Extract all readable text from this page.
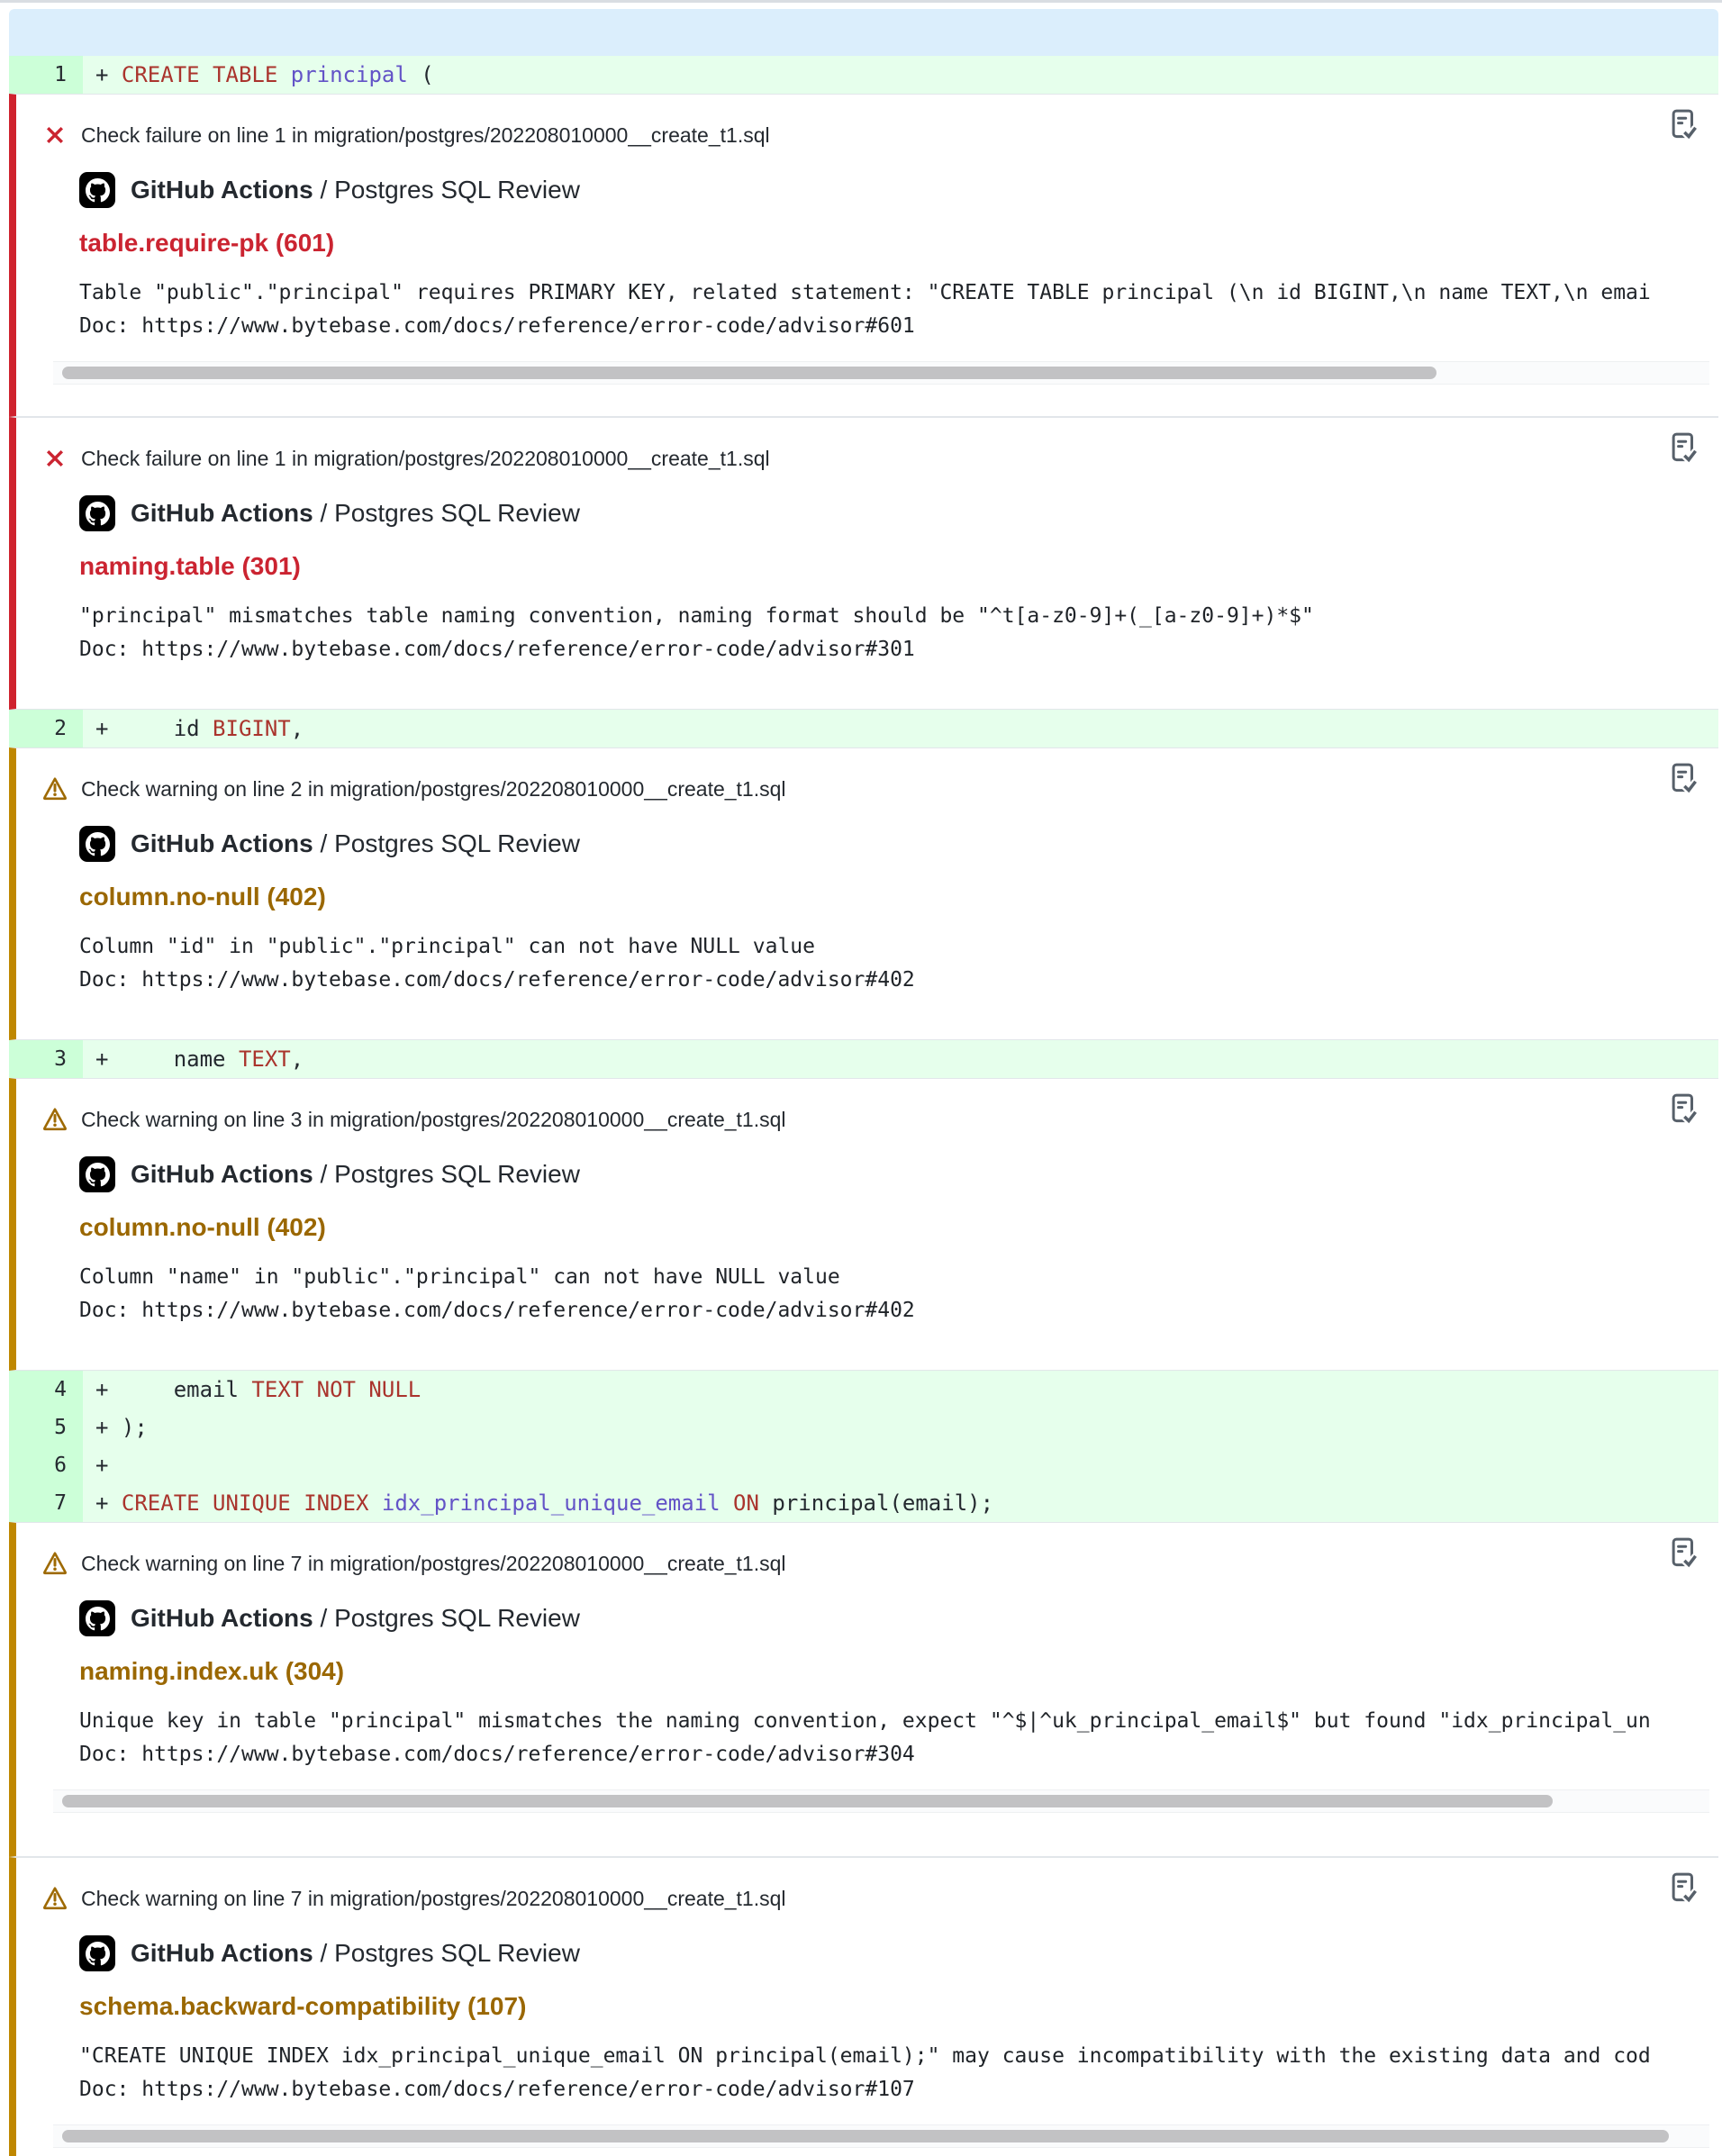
1	+ CREATE TABLE principal (
Check failure on line 1 in migration/postgres/202208010000__create_t1.sql
GitHub Actions / Postgres SQL Review
table.require-pk (601)
Table "public"."principal" requires PRIMARY KEY, related statement: "CREATE TABLE principal (\n id BIGINT,\n name TEXT,\n emai
Doc: https://www.bytebase.com/docs/reference/error-code/advisor#601
Check failure on line 1 in migration/postgres/202208010000__create_t1.sql
GitHub Actions / Postgres SQL Review
naming.table (301)
"principal" mismatches table naming convention, naming format should be "^t[a-z0-9]+(_[a-z0-9]+)*$"
Doc: https://www.bytebase.com/docs/reference/error-code/advisor#301
2	+     id BIGINT,
Check warning on line 2 in migration/postgres/202208010000__create_t1.sql
GitHub Actions / Postgres SQL Review
column.no-null (402)
Column "id" in "public"."principal" can not have NULL value
Doc: https://www.bytebase.com/docs/reference/error-code/advisor#402
3	+     name TEXT,
Check warning on line 3 in migration/postgres/202208010000__create_t1.sql
GitHub Actions / Postgres SQL Review
column.no-null (402)
Column "name" in "public"."principal" can not have NULL value
Doc: https://www.bytebase.com/docs/reference/error-code/advisor#402
4	+     email TEXT NOT NULL
5	+ );
6	+
7	+ CREATE UNIQUE INDEX idx_principal_unique_email ON principal(email);
Check warning on line 7 in migration/postgres/202208010000__create_t1.sql
GitHub Actions / Postgres SQL Review
naming.index.uk (304)
Unique key in table "principal" mismatches the naming convention, expect "^$|^uk_principal_email$" but found "idx_principal_un
Doc: https://www.bytebase.com/docs/reference/error-code/advisor#304
Check warning on line 7 in migration/postgres/202208010000__create_t1.sql
GitHub Actions / Postgres SQL Review
schema.backward-compatibility (107)
"CREATE UNIQUE INDEX idx_principal_unique_email ON principal(email);" may cause incompatibility with the existing data and cod
Doc: https://www.bytebase.com/docs/reference/error-code/advisor#107
